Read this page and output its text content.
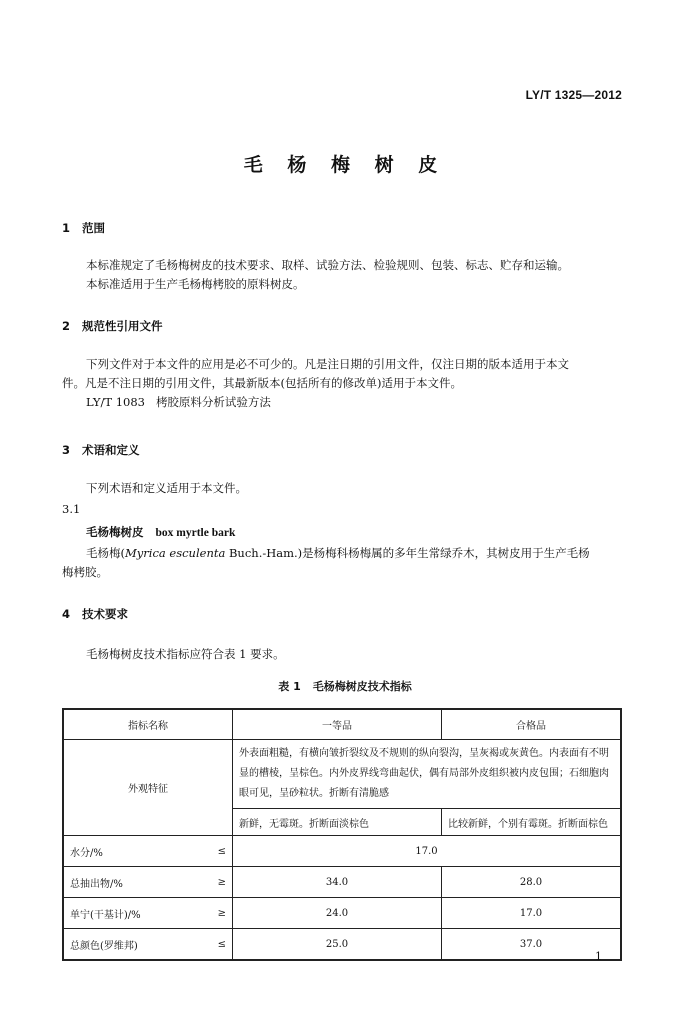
LY/T 1325—2012
毛 杨 梅 树 皮
1 范围
本标准规定了毛杨梅树皮的技术要求、取样、试验方法、检验规则、包装、标志、贮存和运输。
本标准适用于生产毛杨梅栲胶的原料树皮。
2 规范性引用文件
下列文件对于本文件的应用是必不可少的。凡是注日期的引用文件，仅注日期的版本适用于本文
件。凡是不注日期的引用文件，其最新版本(包括所有的修改单)适用于本文件。
LY/T 1083 栲胶原料分析试验方法
3 术语和定义
下列术语和定义适用于本文件。
3.1
毛杨梅树皮 box myrtle bark
毛杨梅(Myrica esculenta Buch.-Ham.)是杨梅科杨梅属的多年生常绿乔木，其树皮用于生产毛杨
梅栲胶。
4 技术要求
毛杨梅树皮技术指标应符合表 1 要求。
表 1 毛杨梅树皮技术指标
指标名称		一等品	合格品
外观特征		外表面粗糙，有横向皱折裂纹及不规则的纵向裂沟，呈灰褐或灰黄色。内表面有不明显的槽棱，呈棕色。内外皮界线弯曲起伏，偶有局部外皮组织被内皮包围；石细胞肉眼可见，呈砂粒状。折断有清脆感	
		新鲜，无霉斑。折断面淡棕色	比较新鲜，个别有霉斑。折断面棕色
水分/%	≤	17.0	
总抽出物/%	≥	34.0	28.0
单宁(干基计)/%	≥	24.0	17.0
总颜色(罗维邦)	≤	25.0	37.0
1
